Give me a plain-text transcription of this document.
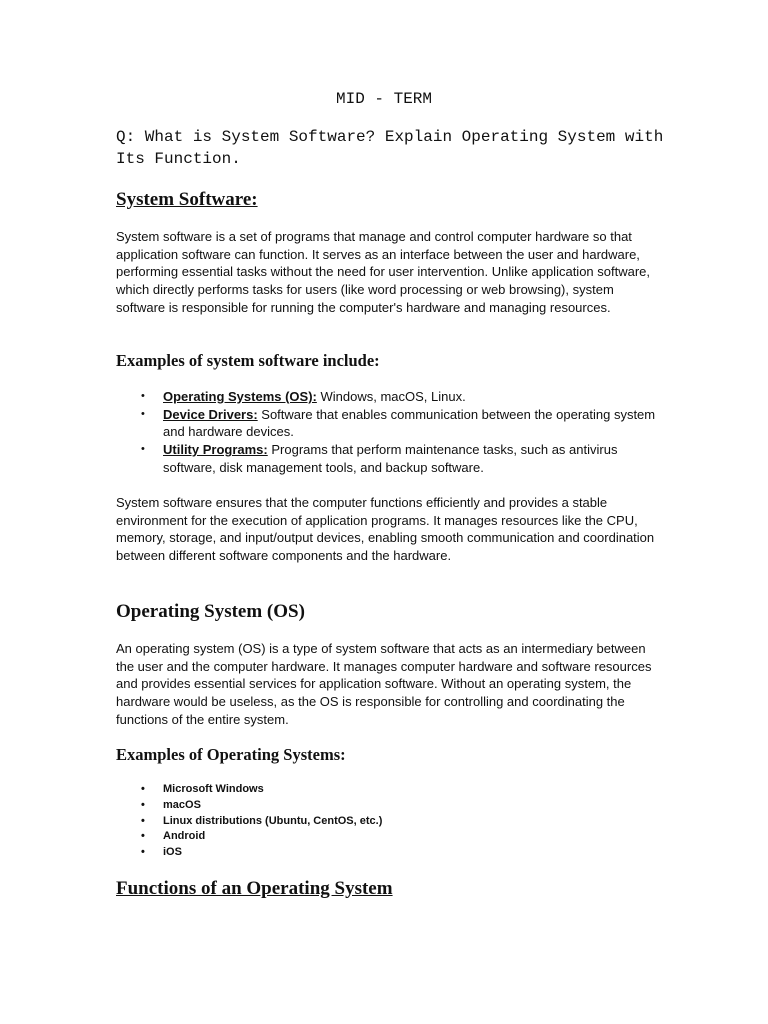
MID - TERM
Q: What is System Software? Explain Operating System with Its Function.
System Software:

System software is a set of programs that manage and control computer hardware so that application software can function. It serves as an interface between the user and hardware, performing essential tasks without the need for user intervention. Unlike application software, which directly performs tasks for users (like word processing or web browsing), system software is responsible for running the computer's hardware and managing resources.

Examples of system software include:
• Operating Systems (OS): Windows, macOS, Linux.
• Device Drivers: Software that enables communication between the operating system and hardware devices.
• Utility Programs: Programs that perform maintenance tasks, such as antivirus software, disk management tools, and backup software.

System software ensures that the computer functions efficiently and provides a stable environment for the execution of application programs. It manages resources like the CPU, memory, storage, and input/output devices, enabling smooth communication and coordination between different software components and the hardware.

Operating System (OS)

An operating system (OS) is a type of system software that acts as an intermediary between the user and the computer hardware. It manages computer hardware and software resources and provides essential services for application software. Without an operating system, the hardware would be useless, as the OS is responsible for controlling and coordinating the functions of the entire system.

Examples of Operating Systems:
• Microsoft Windows
• macOS
• Linux distributions (Ubuntu, CentOS, etc.)
• Android
• iOS
Functions of an Operating System
